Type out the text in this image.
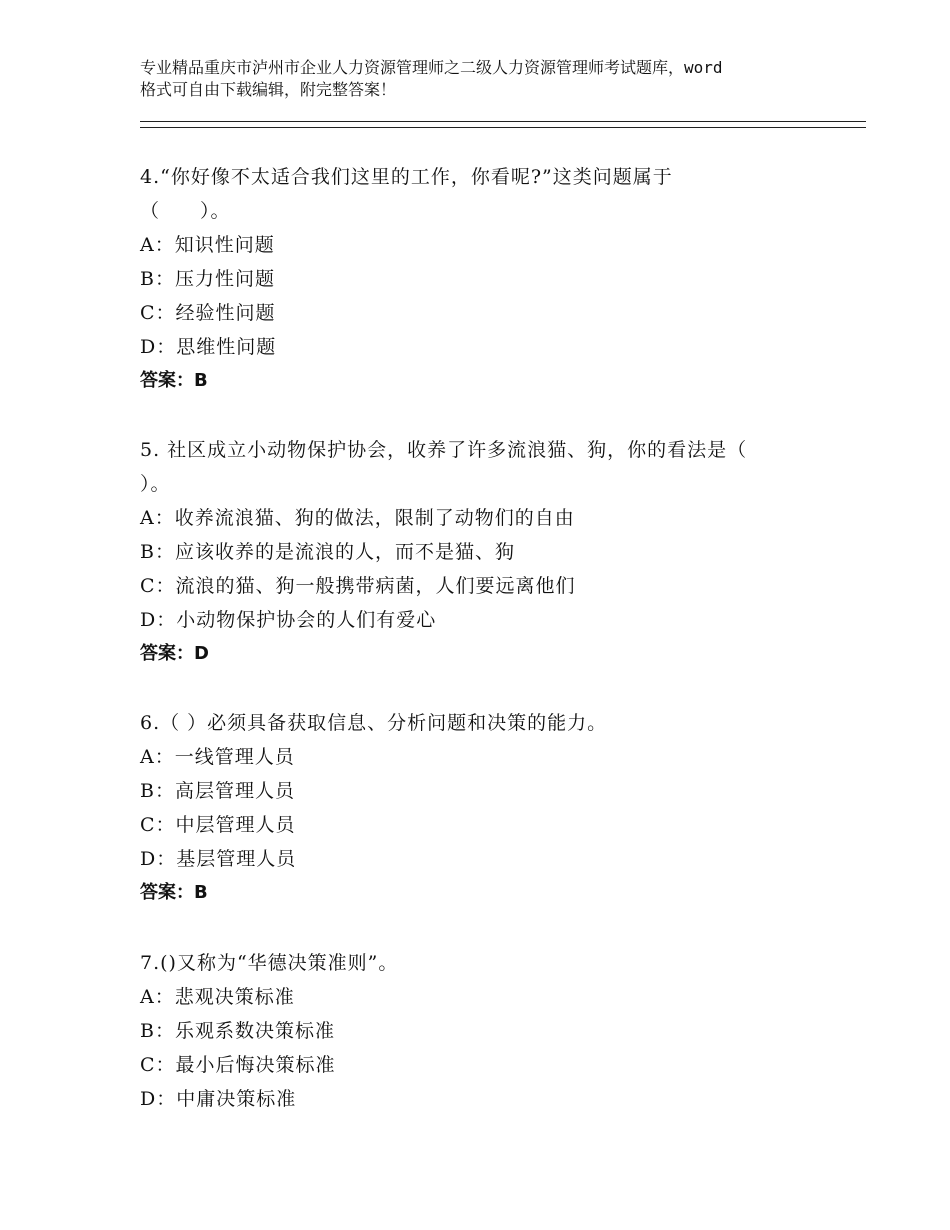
专业精品重庆市泸州市企业人力资源管理师之二级人力资源管理师考试题库，word
格式可自由下载编辑，附完整答案！
4.“你好像不太适合我们这里的工作，你看呢?”这类问题属于
（　　）。
A：知识性问题
B：压力性问题
C：经验性问题
D：思维性问题
答案：B
5. 社区成立小动物保护协会，收养了许多流浪猫、狗，你的看法是（
）。
A：收养流浪猫、狗的做法，限制了动物们的自由
B：应该收养的是流浪的人，而不是猫、狗
C：流浪的猫、狗一般携带病菌，人们要远离他们
D：小动物保护协会的人们有爱心
答案：D
6.（ ）必须具备获取信息、分析问题和决策的能力。
A：一线管理人员
B：高层管理人员
C：中层管理人员
D：基层管理人员
答案：B
7.()又称为“华德决策准则”。
A：悲观决策标准
B：乐观系数决策标准
C：最小后悔决策标准
D：中庸决策标准
